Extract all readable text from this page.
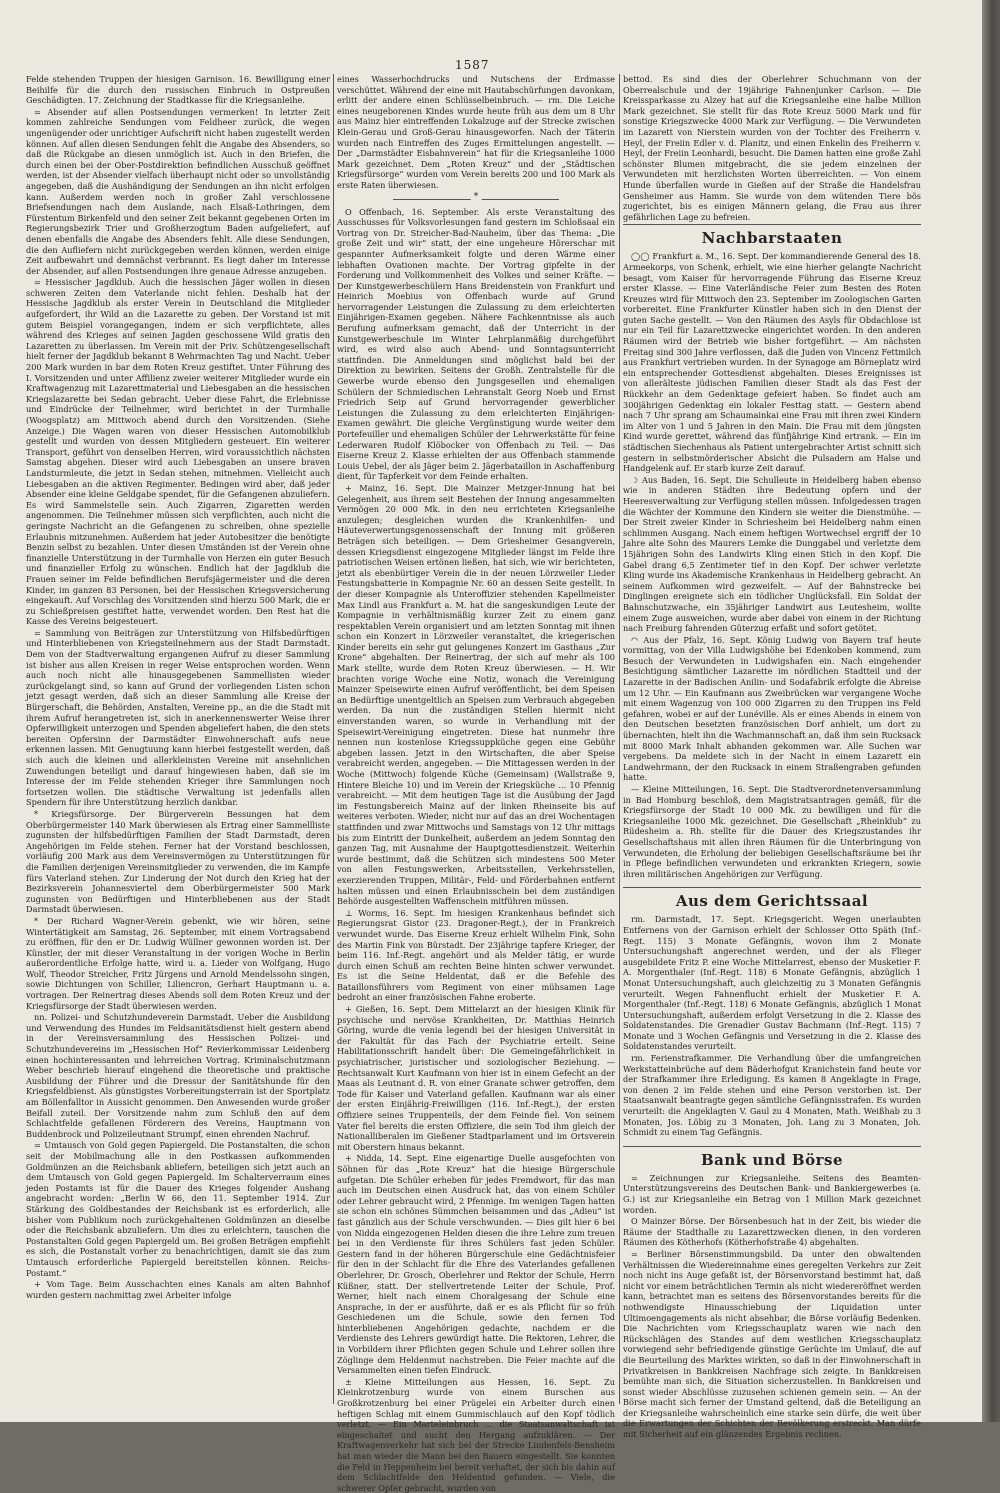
1587

Felde stehenden Truppen der hiesigen Garnison. 16. Bewilligung einer Beihilfe für die durch den russischen Einbruch in Ostpreußen Geschädigten. 17. Zeichnung der Stadtkasse für die Kriegsanleihe.

= Absender auf allen Postsendungen vermerken! In letzter Zeit kommen zahlreiche Sendungen vom Feldheer zurück, die wegen ungenügender oder unrichtiger Aufschrift nicht haben zugestellt werden können. Auf allen diesen Sendungen fehlt die Angabe des Absenders, so daß die Rückgabe an diesen unmöglich ist. Auch in den Briefen, die durch einen bei der Ober-Postdirektion befindlichen Ausschuß geöffnet werden, ist der Absender vielfach überhaupt nicht oder so unvollständig angegeben, daß die Aushändigung der Sendungen an ihn nicht erfolgen kann. Außerdem werden noch in großer Zahl verschlossene Briefsendungen nach dem Auslande, nach Elsaß-Lothringen, dem Fürstentum Birkenfeld und den seiner Zeit bekannt gegebenen Orten im Regierungsbezirk Trier und Großherzogtum Baden aufgeliefert, auf denen ebenfalls die Angabe des Absenders fehlt. Alle diese Sendungen, die den Aufliefern nicht zurückgegeben werden können, werden einige Zeit aufbewahrt und demnächst verbrannt. Es liegt daher im Interesse der Absender, auf allen Postsendungen ihre genaue Adresse anzugeben.

= Hessischer Jagdklub. Auch die hessischen Jäger wollen in diesen schweren Zeiten dem Vaterlande nicht fehlen. Deshalb hat der Hessische Jagdklub als erster Verein in Deutschland die Mitglieder aufgefordert, ihr Wild an die Lazarette zu geben. Der Vorstand ist mit gutem Beispiel vorangegangen, indem er sich verpflichtete, alles während des Krieges auf seinen Jagden geschossene Wild gratis den Lazaretten zu überlassen. Im Verein mit der Priv. Schützengesellschaft hielt ferner der Jagdklub bekannt 8 Wehrmachten Tag und Nacht. Ueber 200 Mark wurden in bar dem Roten Kreuz gestiftet. Unter Führung des I. Vorsitzenden und unter Affilienz zweier weiterer Mitglieder wurde ein Kraftwagenzug mit Lazarettmaterial und Liebesgaben an die hessischen Kriegslazarette bei Sedan gebracht. Ueber diese Fahrt, die Erlebnisse und Eindrücke der Teilnehmer, wird berichtet in der Turmhalle (Woogsplatz) am Mittwoch abend durch den Vorsitzenden. (Siehe Anzeige.) Die Wagen waren von dieser Hessischen Automobilklub gestellt und wurden von dessen Mitgliedern gesteuert. Ein weiterer Transport, geführt von denselben Herren, wird voraussichtlich nächsten Samstag abgehen. Dieser wird auch Liebesgaben an unsere braven Landsturmleute, die jetzt in Sedan stehen, mitnehmen. Vielleicht auch Liebesgaben an die aktiven Regimenter. Bedingen wird aber, daß jeder Absender eine kleine Geldgabe spendet, für die Gefangenen abzuliefern. Es wird Sammelstelle sein. Auch Zigarren, Zigaretten werden angenommen. Die Teilnehmer müssen sich verpflichten, auch nicht die geringste Nachricht an die Gefangenen zu schreiben, ohne spezielle Erlaubnis mitzunehmen. Außerdem hat jeder Autobesitzer die benötigte Benzin selbst zu bezahlen. Unter diesen Umständen ist der Verein ohne finanzielle Unterstützung in der Turmhalle von Herzen ein guter Besuch und finanzieller Erfolg zu wünschen. Endlich hat der Jagdklub die Frauen seiner im Felde befindlichen Berufsjägermeister und die deren Kinder, im ganzen 83 Personen, bei der Hessischen Kriegsversicherung eingekauft. Auf Vorschlag des Vorsitzenden sind hierzu 500 Mark, die er zu Schießpreisen gestiftet hatte, verwendet worden. Den Rest hat die Kasse des Vereins beigesteuert.

= Sammlung von Beiträgen zur Unterstützung von Hilfsbedürftigen und Hinterbliebenen von Kriegsteilnehmern aus der Stadt Darmstadt. Dem von der Stadtverwaltung ergangenen Aufruf zu dieser Sammlung ist bisher aus allen Kreisen in reger Weise entsprochen worden. Wenn auch noch nicht alle hinausgegebenen Sammellisten wieder zurückgelangt sind, so kann auf Grund der vorliegenden Listen schon jetzt gesagt werden, daß sich an dieser Sammlung alle Kreise der Bürgerschaft, die Behörden, Anstalten, Vereine pp., an die die Stadt mit ihrem Aufruf herangetreten ist, sich in anerkennenswerter Weise ihrer Opferwilligkeit unterzogen und Spenden abgeliefert haben, die den stets bereiten Opfersinn der Darmstädter Einwohnerschaft aufs neue erkennen lassen. Mit Genugtuung kann hierbei festgestellt werden, daß sich auch die kleinen und allerkleinsten Vereine mit ansehnlichen Zuwendungen beteiligt und darauf hingewiesen haben, daß sie im Interesse der im Felde stehenden Krieger ihre Sammlungen noch fortsetzen wollen. Die städtische Verwaltung ist jedenfalls allen Spendern für ihre Unterstützung herzlich dankbar.

* Kriegsfürsorge. Der Bürgerverein Bessungen hat dem Oberbürgermeister 140 Mark überwiesen als Ertrag einer Sammellliste zugunsten der hilfsbedürftigen Familien der Stadt Darmstadt, deren Angehörigen im Felde stehen. Ferner hat der Vorstand beschlossen, vorläufig 200 Mark aus dem Vereinsvermögen zu Unterstützungen für die Familien derjenigen Vereinsmitglieder zu verwenden, die im Kampfe fürs Vaterland stehen. Zur Linderung der Not durch den Krieg hat der Bezirksverein Johannesviertel dem Oberbürgermeister 500 Mark zugunsten von Bedürftigen und Hinterbliebenen aus der Stadt Darmstadt überwiesen.

* Der Richard Wagner-Verein gebenkt, wie wir hören, seine Wintertätigkeit am Samstag, 26. September, mit einem Vortragsabend zu eröffnen, für den er Dr. Ludwig Wüllner gewonnen worden ist. Der Künstler, der mit dieser Veranstaltung in der vorigen Woche in Berlin außerordentliche Erfolge hatte, wird u. a. Lieder von Wolfgang, Hugo Wolf, Theodor Streicher, Fritz Jürgens und Arnold Mendelssohn singen, sowie Dichtungen von Schiller, Liliencron, Gerhart Hauptmann u. a. vortragen. Der Reinertrag dieses Abends soll dem Roten Kreuz und der Kriegsfürsorge der Stadt überwiesen werden.

nn. Polizei- und Schutzhundeverein Darmstadt. Ueber die Ausbildung und Verwendung des Hundes im Feldsanitätsdienst hielt gestern abend in der Vereinsversammlung des Hessischen Polizei- und Schutzhundevereins im „Hessischen Hof“ Revierkommissar Leidenberg einen hochinteressanten und lehrreichen Vortrag. Kriminalschutzmann Weber beschrieb hierauf eingehend die theoretische und praktische Ausbildung der Führer und die Dressur der Sanitätshunde für den Kriegsfeldbienst. Als günstigstes Vorbereitungsterrain ist der Sportplatz am Böllenfalltor in Aussicht genommen. Den Anwesenden wurde großer Beifall zuteil. Der Vorsitzende nahm zum Schluß den auf dem Schlachtfelde gefallenen Förderern des Vereins, Hauptmann von Buddenbrock und Polizeileutnant Strumpf, einen ehrenden Nachruf.

= Umtausch von Gold gegen Papiergeld. Die Postanstalten, die schon seit der Mobilmachung alle in den Postkassen aufkommenden Goldmünzen an die Reichsbank abliefern, beteiligen sich jetzt auch an dem Umtausch von Gold gegen Papiergeld. Im Schalterverraum eines jeden Postamts ist für die Dauer des Krieges folgender Aushang angebracht worden: „Berlin W 66, den 11. September 1914. Zur Stärkung des Goldbestandes der Reichsbank ist es erforderlich, alle bisher vom Publikum noch zurückgehaltenen Goldmünzen an dieselbe oder die Reichsbank abzuliefern. Um dies zu erleichtern, tauschen die Postanstalten Gold gegen Papiergeld um. Bei großen Beträgen empfiehlt es sich, die Postanstalt vorher zu benachrichtigen, damit sie das zum Umtausch erforderliche Papiergeld bereitstellen können. Reichs-Postamt.“

+ Vom Tage. Beim Ausschachten eines Kanals am alten Bahnhof wurden gestern nachmittag zwei Arbeiter infolge

eines Wasserhochdrucks und Nutschens der Erdmasse verschüttet. Während der eine mit Hautabschürfungen davonkam, erlitt der andere einen Schlüsselbeinbruch. — rm. Die Leiche eines neugeborenen Kindes wurde heute früh aus dem um 8 Uhr aus Mainz hier eintreffenden Lokalzuge auf der Strecke zwischen Klein-Gerau und Groß-Gerau hinausgeworfen. Nach der Täterin wurden nach Eintreffen des Zuges Ermittelungen angestellt. — Der „Darmstädter Eisbahnverein“ hat für die Kriegsanleihe 1000 Mark gezeichnet. Dem „Roten Kreuz“ und der „Städtischen Kriegsfürsorge“ wurden vom Verein bereits 200 und 100 Mark als erste Raten überwiesen.

*

O Offenbach, 16. September. Als erste Veranstaltung des Ausschusses für Volksvorlesungen fand gestern im Schloßsaal ein Vortrag von Dr. Streicher-Bad-Nauheim, über das Thema: „Die große Zeit und wir“ statt, der eine ungeheure Hörerschar mit gespannter Aufmerksamkeit folgte und deren Wärme einer lebhaften Ovationen machte. Der Vortrag gipfelte in der Forderung und Vollkommenheit des Volkes und seiner Kräfte. — Der Kunstgewerbeschülern Hans Breidenstein von Frankfurt und Heinrich Moebius von Offenbach wurde auf Grund hervorragender Leistungen die Zulassung zu dem erleichterten Einjährigen-Examen gegeben. Nähere Fachkenntnisse als auch Berufung aufmerksam gemacht, daß der Unterricht in der Kunstgewerbeschule im Winter Lehrplanmäßig durchgeführt wird, es wird also auch Abend- und Sonntagsunterricht stattfinden. Die Anmeldungen sind möglichst bald bei der Direktion zu bewirken. Seitens der Großh. Zentralstelle für die Gewerbe wurde ebenso den Jungsgesellen und ehemaligen Schülern der Schmiedischen Lehranstalt Georg Noeb und Ernst Friedrich Seip auf Grund hervorragender gewerblicher Leistungen die Zulassung zu dem erleichterten Einjährigen-Examen gewährt. Die gleiche Vergünstigung wurde weiter dem Portefeuiller und ehemaligen Schüler der Lehrwerkstätte für feine Lederwaren Rudolf Klöbocker von Offenbach zu Teil. — Das Eiserne Kreuz 2. Klasse erhielten der aus Offenbach stammende Louis Uebel, der als Jäger beim 2. Jägerbataillon in Aschaffenburg dient, für Tapferkeit vor dem Feinde erhalten.

+ Mainz, 16. Sept. Die Mainzer Metzger-Innung hat bei Gelegenheit, aus ihrem seit Bestehen der Innung angesammelten Vermögen 20 000 Mk. in den neu errichteten Kriegsanleihe anzulegen; desgleichen wurden die Krankenhilfen- und Häuteverwertungsgenossenschaft der Innung mit größeren Beträgen sich beteiligen. — Dem Griesheimer Gesangverein, dessen Kriegsdienst eingezogene Mitglieder längst im Felde ihre patriotischen Weisen ertönen ließen, hat sich, wie wir berichteten, jetzt als ebenbürtiger Verein die in der neuen Lörzweiler Lieder Festungsbatterie in Kompagnie Nr. 60 an dessen Seite gestellt. In der dieser Kompagnie als Unteroffizier stehenden Kapellmeister Max Lindl aus Frankfurt a. M. hat die sangeskundigen Leute der Kompagnie in verhältnismäßig kurzer Zeit zu einem ganz respektablen Verein organisiert und am letzten Sonntag mit ihnen schon ein Konzert in Lörzweiler veranstaltet, die kriegerischen Kinder bereits ein sehr gut gelungenes Konzert im Gasthaus „Zur Krone“ abgehalten. Der Reinertrag, der sich auf mehr als 100 Mark stellte, wurde dem Roten Kreuz überwiesen. — H. Wir brachten vorige Woche eine Notiz, wonach die Vereinigung Mainzer Speisewirte einen Aufruf veröffentlicht, bei dem Speisen an Bedürftige unentgeltlich an Speisen zum Verbrauch abgegeben werden. Da nun die zuständigen Stellen hiermit nicht einverstanden waren, so wurde in Verhandlung mit der Speisewirt-Vereinigung eingetreten. Diese hat nunmehr ihre nennen nun kostenlose Kriegssuppküche gegen eine Gebühr abgeben lassen. Jetzt in den Wirtschaften, die aber Speise verabreicht werden, angegeben. — Die Mittagessen werden in der Woche (Mittwoch) folgende Küche (Gemeinsam) (Wallstraße 9, Hintere Bleiche 10) und im Verein der Kriegsküche ... 10 Pfennig verabreicht. — Mit dem heutigen Tage ist die Ausübung der Jagd im Festungsbereich Mainz auf der linken Rheinseite bis auf weiteres verboten. Wieder, nicht nur auf das an drei Wochentagen stattfinden und zwar Mittwochs und Samstags von 12 Uhr mittags bis zum Eintritt der Dunkelheit, außerdem an jedem Sonntag den ganzen Tag, mit Ausnahme der Hauptgottesdienstzeit. Weiterhin wurde bestimmt, daß die Schützen sich mindestens 500 Meter von allen Festungswerken, Arbeitsstellen, Verkehrsstellen, exerzierenden Truppen, Militär-, Feld- und Förderbahnen entfernt halten müssen und einen Erlaubnisschein bei dem zuständigen Behörde ausgestellten Waffenschein mitführen müssen.

⊥ Worms, 16. Sept. Im hiesigen Krankenhaus befindet sich Regierungsrat Gistor (23. Dragoner-Regt.), der in Frankreich verwundet wurde. Das Eiserne Kreuz erhielt Wilhelm Fink, Sohn des Martin Fink von Bürstadt. Der 23jährige tapfere Krieger, der beim 116. Inf.-Regt. angehört und als Melder tätig, er wurde durch einen Schuß am rechten Beine hinten schwer verwundet. Es ist die Seine Heldentat, daß er die Befehle des Bataillonsführers vom Regiment von einer mühsamen Lage bedroht an einer französischen Fahne eroberte.

+ Gießen, 16. Sept. Dem Mittelarzt an der hiesigen Klinik für psychische und nervöse Krankheiten, Dr. Matthias Heinrich Göring, wurde die venia legendi bei der hiesigen Universität in der Fakultät für das Fach der Psychiatrie erteilt. Seine Habilitationsschrift handelt über: Die Gemeingefährlichkeit in psychiatrischer, juristischer und soziologischer Beziehung. — Rechtsanwalt Kurt Kaufmann von hier ist in einem Gefecht an der Maas als Leutnant d. R. von einer Granate schwer getroffen, dem Tode für Kaiser und Vaterland gefallen. Kaufmann war als einer der ersten Einjährig-Freiwilligen (116. Inf.-Regt.), der ersten Offiziere seines Truppenteils, der dem Feinde fiel. Von seinem Vater fiel bereits die ersten Offiziere, die sein Tod ihm gleich der Nationalliberalen im Gießener Stadtparlament und im Ortsverein mit Oberstern hinaus bekannt.

+ Nidda, 14. Sept. Eine eigenartige Duelle ausgefochten von Söhnen für das „Rote Kreuz“ hat die hiesige Bürgerschule aufgetan. Die Schüler erheben für jedes Fremdwort, für das man auch im Deutschen einen Ausdruck hat, das von einem Schüler oder Lehrer gebraucht wird, 2 Pfennige. Im wenigen Tagen hatten sie schon ein schönes Sümmchen beisammen und das „Adieu“ ist fast gänzlich aus der Schule verschwunden. — Dies gilt hier 6 bei von Nidda eingezogenen Helden diesen die ihre Lehre zum treuen bei in den Verdienste für ihres Schülers fast jeden Schüler. Gestern fand in der höheren Bürgerschule eine Gedächtnisfeier für den in der Schlacht für die Ehre des Vaterlandes gefallenen Oberlehrer, Dr. Grosch, Oberlehrer und Rektor der Schule, Herrn Küßner, statt. Der stellvertretende Leiter der Schule, Prof. Werner, hielt nach einem Choralgesang der Schule eine Ansprache, in der er ausführte, daß er es als Pflicht für so früh Geschiedenen um die Schule, sowie den fernen Tod hinterbliebenen Angehörigen gedachte, nachdem er die Verdienste des Lehrers gewürdigt hatte. Die Rektoren, Lehrer, die in Vorbildern ihrer Pflichten gegen Schule und Lehrer sollen ihre Zöglinge dem Heldenmut nachstreben. Die Feier machte auf die Versammelten einen tiefen Eindruck.

± Kleine Mitteilungen aus Hessen, 16. Sept. Zu Kleinkrotzenburg wurde von einem Burschen aus Großkrotzenburg bei einer Prügelei ein Arbeiter durch einen heftigen Schlag mit einem Gummischlauch auf den Kopf tödlich verletzt. — Ein Marteleinbruch ... die Staatsanwaltschaft ist eingeschaltet und sucht den Hergang aufzuklären. — Der Kraftwagenverkehr hat sich bei der Strecke Lindenfels-Bensheim hat man wieder die Mann bei den Bauern eingestellt. Sie konnten die Feld in Heppenheim bei bereit verhaftet, der sich bis dahin auf dem Schlachtfelde den Heldentod gefunden. — Viele, die schwerer Opfer gebracht, wurden von

bettod. Es sind dies der Oberlehrer Schuchmann von der Oberrealschule und der 19jährige Fahnenjunker Carlson. — Die Kreissparkasse zu Alzey hat auf die Kriegsanleihe eine halbe Million Mark gezeichnet. Sie stellt für das Rote Kreuz 5000 Mark und für sonstige Kriegszwecke 4000 Mark zur Verfügung. — Die Verwundeten im Lazarett von Nierstein wurden von der Tochter des Freiherrn v. Heyl, der Freiin Edler v. d. Planitz, und einen Enkelin des Freiherrn v. Heyl, der Freiin Leonhardi, besucht. Die Damen hatten eine große Zahl schönster Blumen mitgebracht, die sie jedem einzelnen der Verwundeten mit herzlichsten Worten überreichten. — Von einem Hunde überfallen wurde in Gießen auf der Straße die Handelsfrau Gensheimer aus Hamm. Sie wurde von dem wütenden Tiere bös zugerichtet, bis es einigen Männern gelang, die Frau aus ihrer gefährlichen Lage zu befreien.

Nachbarstaaten

◯◯ Frankfurt a. M., 16. Sept. Der kommandierende General des 18. Armeekorps, von Schenk, erhielt, wie eine hierher gelangte Nachricht besagt, vom Kaiser für hervorragende Führung das Eiserne Kreuz erster Klasse. — Eine Vaterländische Feier zum Besten des Roten Kreuzes wird für Mittwoch den 23. September im Zoologischen Garten vorbereitet. Eine Frankfurter Künstler haben sich in den Dienst der guten Sache gestellt. — Von den Räumen des Asyls für Obdachlose ist nur ein Teil für Lazarettzwecke eingerichtet worden. In den anderen Räumen wird der Betrieb wie bisher fortgeführt. — Am nächsten Freitag sind 300 Jahre verflossen, daß die Juden von Vincenz Fettmilch aus Frankfurt vertrieben wurden. In der Synagoge am Börneplatz wird ein entsprechender Gottesdienst abgehalten. Dieses Ereignisses ist von allerälteste jüdischen Familien dieser Stadt als das Fest der Rückkehr an dem Gedenktage gefeiert haben. So findet auch am 300jährigen Gedenktag ein lokaler Festtag statt. — Gestern abend nach 7 Uhr sprang am Schaumainkai eine Frau mit ihren zwei Kindern im Alter von 1 und 5 Jahren in den Main. Die Frau mit dem jüngsten Kind wurde gerettet, während das fünfjährige Kind ertrank. — Ein im städtischen Siechenhaus als Patient untergebrachter Artist schnitt sich gestern in selbstmörderischer Absicht die Pulsadern am Halse und Handgelenk auf. Er starb kurze Zeit darauf.

☽ Aus Baden, 16. Sept. Die Schulleute in Heidelberg haben ebenso wie in anderen Städten ihre Bedeutung opfern und der Heeresverwaltung zur Verfügung stellen müssen. Infolgedessen tragen die Wächter der Kommune den Kindern sie weiter die Dienstmühe. — Der Streit zweier Kinder in Schriesheim bei Heidelberg nahm einen schlimmen Ausgang. Nach einem heftigen Wortwechsel ergriff der 10 Jahre alte Sohn des Maurers Lemke die Dunggabel und verletzte dem 15jährigen Sohn des Landwirts Kling einen Stich in den Kopf. Die Gabel drang 6,5 Zentimeter tief in den Kopf. Der schwer verletzte Kling wurde ins Akademische Krankenhaus in Heidelberg gebracht. An seinem Aufkommen wird gezweifelt. — Auf der Bahnstrecke bei Dinglingen ereignete sich ein tödlicher Unglücksfall. Ein Soldat der Bahnschutzwache, ein 35jähriger Landwirt aus Leutesheim, wollte einem Zuge ausweichen, wurde aber dabei von einem in der Richtung nach Freiburg fahrenden Güterzug erfaßt und sofort getötet.

◠ Aus der Pfalz, 16. Sept. König Ludwig von Bayern traf heute vormittag, von der Villa Ludwigshöhe bei Edenkoben kommend, zum Besuch der Verwundeten in Ludwigshafen ein. Nach eingehender Besichtigung sämtlicher Lazarette im nördlichen Stadtteil und der Lazarette in der Badischen Anilin- und Sodafabrik erfolgte die Abreise um 12 Uhr. — Ein Kaufmann aus Zweibrücken war vergangene Woche mit einem Wagenzug von 100 000 Zigarren zu den Truppen ins Feld gefahren, wobei er auf der Lunéville. Als er eines Abends in einem von den Deutschen besetzten französischen Dorf anhielt, um dort zu übernachten, hielt ihn die Wachmannschaft an, daß ihm sein Rucksack mit 8000 Mark Inhalt abhanden gekommen war. Alle Suchen war vergebens. Da meldete sich in der Nacht in einem Lazarett ein Landwehrmann, der den Rucksack in einem Straßengraben gefunden hatte.

— Kleine Mitteilungen, 16. Sept. Die Stadtverordnetenversammlung in Bad Homburg beschloß, dem Magistratsantragen gemäß, für die Kriegsfürsorge der Stadt 10 000 Mk. zu bewilligen und für die Kriegsanleihe 1000 Mk. gezeichnet. Die Gesellschaft „Rheinklub“ zu Rüdesheim a. Rh. stellte für die Dauer des Kriegszustandes ihr Gesellschaftshaus mit allen ihren Räumen für die Unterbringung von Verwundeten, die Erholung der beliebigen Gesellschaftsräume bei ihr in Pflege befindlichen verwundeten und erkrankten Kriegern, sowie ihren militärischen Angehörigen zur Verfügung.

Aus dem Gerichtssaal

rm. Darmstadt, 17. Sept. Kriegsgericht. Wegen unerlaubten Entfernens von der Garnison erhielt der Schlosser Otto Späth (Inf.-Regt. 115) 3 Monate Gefängnis, wovon ihm 2 Monate Untersuchungshaft angerechnet werden, und der als Flieger ausgebildete Fritz P. eine Woche Mittelarrest, ebenso der Musketier F. A. Morgenthaler (Inf.-Regt. 118) 6 Monate Gefängnis, abzüglich 1 Monat Untersuchungshaft, auch gleichzeitig zu 3 Monaten Gefängnis verurteilt. Wegen Fahnenflucht erhielt der Musketier F. A. Morgenthaler (Inf.-Regt. 118) 6 Monate Gefängnis, abzüglich 1 Monat Untersuchungshaft, außerdem erfolgt Versetzung in die 2. Klasse des Soldatenstandes. Die Grenadier Gustav Bachmann (Inf.-Regt. 115) 7 Monate und 3 Wochen Gefängnis und Versetzung in die 2. Klasse des Soldatenstandes verurteilt.

rm. Ferienstrafkammer. Die Verhandlung über die umfangreichen Werkstatteinbrüche auf dem Bäderhofgut Kranichstein fand heute vor der Strafkammer ihre Erledigung. Es kamen 8 Angeklagte in Frage, von denen 2 im Felde stehen und eine Person verstorben ist. Der Staatsanwalt beantragte gegen sämtliche Gefängnisstrafen. Es wurden verurteilt: die Angeklagten V. Gaul zu 4 Monaten, Math. Weißhab zu 3 Monaten, Jos. Löbig zu 3 Monaten, Joh. Lang zu 3 Monaten, Joh. Schmidt zu einem Tag Gefängnis.

Bank und Börse

= Zeichnungen zur Kriegsanleihe. Seitens des Beamten-Unterstützungsvereins des Deutschen Bank- und Bankiergewerbes (a. G.) ist zur Kriegsanleihe ein Betrag von 1 Million Mark gezeichnet worden.

O Mainzer Börse. Der Börsenbesuch hat in der Zeit, bis wieder die Räume der Stadthalle zu Lazarettzwecken dienen, in den vorderen Räumen des Kötherhofs (Kötherhofstraße 4) abgehalten.

= Berliner Börsenstimmungsbild. Da unter den obwaltenden Verhältnissen die Wiedereinnahme eines geregelten Verkehrs zur Zeit noch nicht ins Auge gefaßt ist, der Börsenvorstand bestimmt hat, daß nicht vor einem beträchtlichen Termin als nicht wiedereröffnet werden kann, betrachtet man es seitens des Börsenvorstandes bereits für die nothwendigste Hinausschiebung der Liquidation unter Ultimoengagements als nicht absehbar, die Börse vorläufig Bedenken. Die Nachrichten vom Kriegsschauplatz waren wie nach den Rückschlägen des Standes auf dem westlichen Kriegsschauplatz vorwiegend sehr befriedigende günstige Gerüchte im Umlauf, die auf die Beurteilung des Marktes wirkten, so daß in der Einwohnerschaft in Privatkreisen in Bankkreisen Nachfrage sich zeigte. In Bankkreisen bemühte man sich, die Situation sicherzustellen. In Bankkreisen und sonst wieder Abschlüsse zuzusehen schienen gemein sein. — An der Börse macht sich ferner der Umstand geltend, daß die Beteiligung an der Kriegsanleihe wahrscheinlich eine starke sein dürfe, die weit über die Erwartungen der Schichten der Bevölkerung erstreckt. Man dürfe mit Sicherheit auf ein glänzendes Ergebnis rechnen.
